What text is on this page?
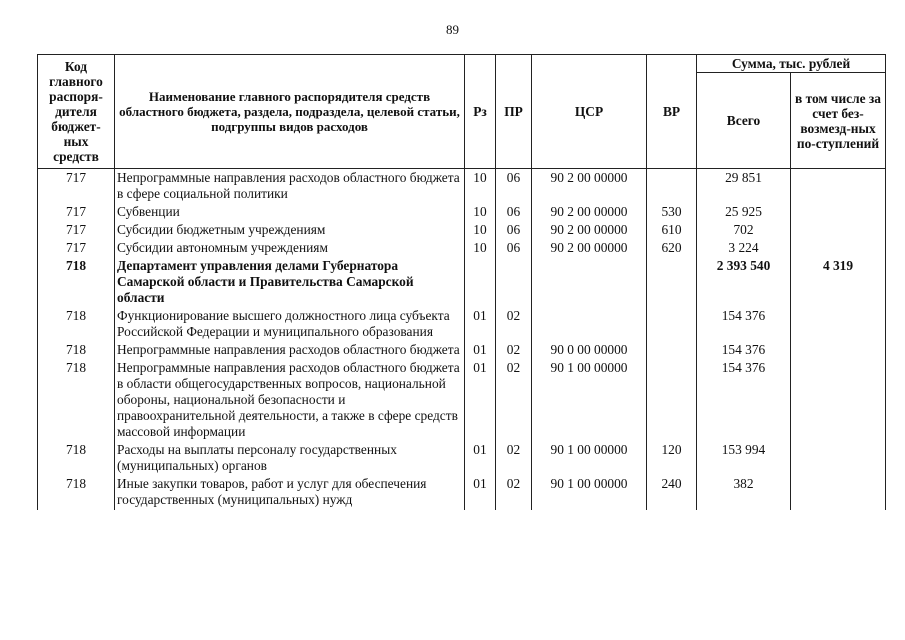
89
Код главного распоря-дителя бюджет-ных средств	Наименование главного распорядителя средств областного бюджета, раздела, подраздела, целевой статьи, подгруппы видов расходов	Рз	ПР	ЦСР	ВР	Сумма, тыс. рублей	
						Всего	в том числе за счет без-возмезд-ных по-ступлений
717	Непрограммные направления расходов областного бюджета в сфере социальной политики	10	06	90 2 00 00000		29 851	
717	Субвенции	10	06	90 2 00 00000	530	25 925	
717	Субсидии бюджетным учреждениям	10	06	90 2 00 00000	610	702	
717	Субсидии автономным учреждениям	10	06	90 2 00 00000	620	3 224	
718	Департамент управления делами Губернатора Самарской области и Правительства Самарской области					2 393 540	4 319
718	Функционирование высшего должностного лица субъекта Российской Федерации и муниципального образования	01	02			154 376	
718	Непрограммные направления расходов областного бюджета	01	02	90 0 00 00000		154 376	
718	Непрограммные направления расходов областного бюджета в области общегосударственных вопросов, национальной обороны, национальной безопасности и правоохранительной деятельности, а также в сфере средств массовой информации	01	02	90 1 00 00000		154 376	
718	Расходы на выплаты персоналу государственных (муниципальных) органов	01	02	90 1 00 00000	120	153 994	
718	Иные закупки товаров, работ и услуг для обеспечения государственных (муниципальных) нужд	01	02	90 1 00 00000	240	382	
